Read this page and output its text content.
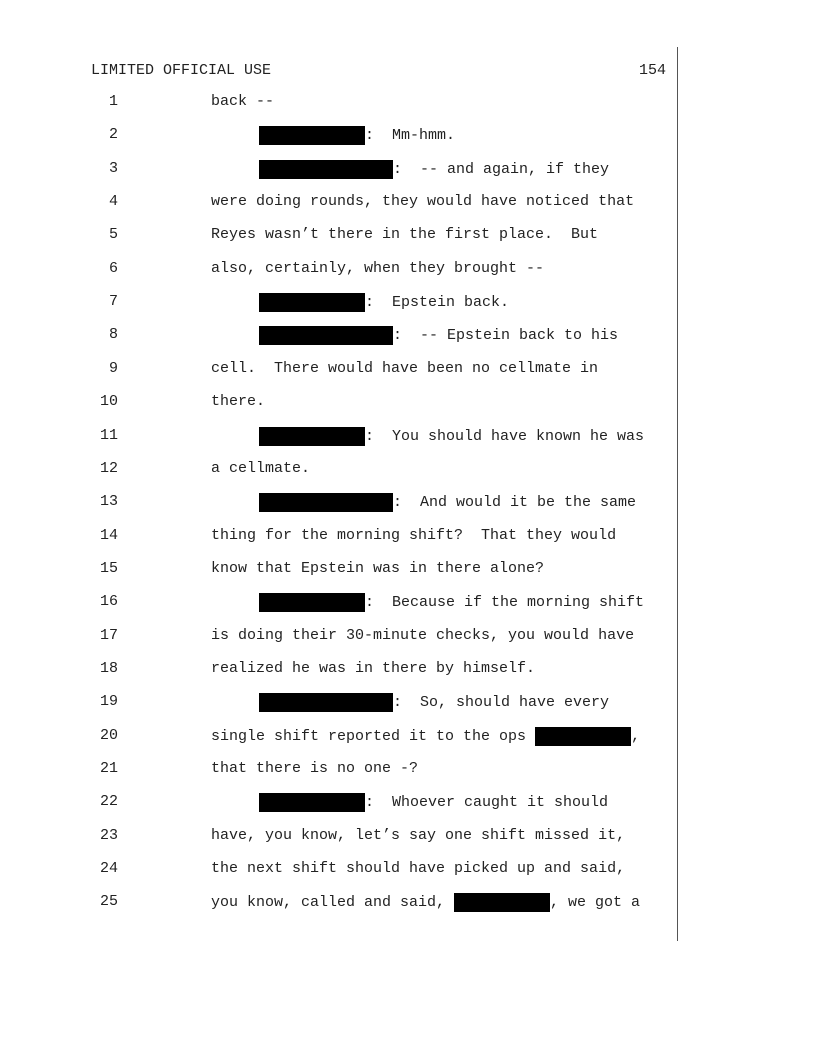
LIMITED OFFICIAL USE	154
1	back --
2	:  Mm-hmm.
3	:  -- and again, if they
4	were doing rounds, they would have noticed that
5	Reyes wasn’t there in the first place.  But
6	also, certainly, when they brought --
7	:  Epstein back.
8	:  -- Epstein back to his
9	cell.  There would have been no cellmate in
10	there.
11	:  You should have known he was
12	a cellmate.
13	:  And would it be the same
14	thing for the morning shift?  That they would
15	know that Epstein was in there alone?
16	:  Because if the morning shift
17	is doing their 30-minute checks, you would have
18	realized he was in there by himself.
19	:  So, should have every
20	single shift reported it to the ops	,
21	that there is no one -?
22	:  Whoever caught it should
23	have, you know, let’s say one shift missed it,
24	the next shift should have picked up and said,
25	you know, called and said,	, we got a
